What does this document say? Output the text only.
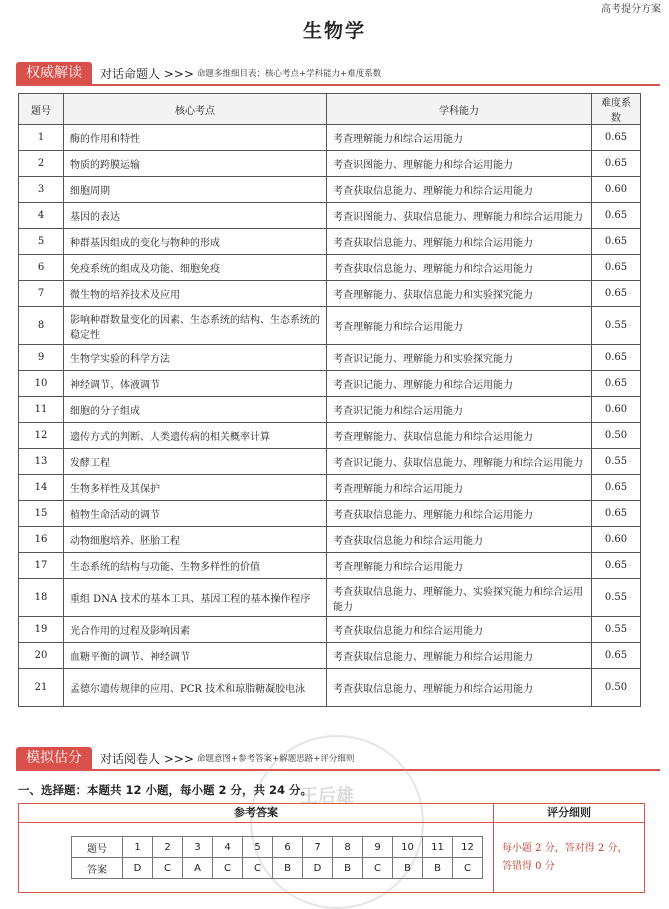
高考提分方案
生物学
权威解读	对话命题人 >>> 命题多维细目表：核心考点+学科能力+难度系数
题号	核心考点	学科能力	难度系数
1	酶的作用和特性	考查理解能力和综合运用能力	0.65
2	物质的跨膜运输	考查识图能力、理解能力和综合运用能力	0.65
3	细胞周期	考查获取信息能力、理解能力和综合运用能力	0.60
4	基因的表达	考查识图能力、获取信息能力、理解能力和综合运用能力	0.65
5	种群基因组成的变化与物种的形成	考查获取信息能力、理解能力和综合运用能力	0.65
6	免疫系统的组成及功能、细胞免疫	考查获取信息能力、理解能力和综合运用能力	0.65
7	微生物的培养技术及应用	考查理解能力、获取信息能力和实验探究能力	0.65
8	影响种群数量变化的因素、生态系统的结构、生态系统的稳定性	考查理解能力和综合运用能力	0.55
9	生物学实验的科学方法	考查识记能力、理解能力和实验探究能力	0.65
10	神经调节、体液调节	考查识记能力、理解能力和综合运用能力	0.65
11	细胞的分子组成	考查识记能力和综合运用能力	0.60
12	遗传方式的判断、人类遗传病的相关概率计算	考查理解能力、获取信息能力和综合运用能力	0.50
13	发酵工程	考查识记能力、获取信息能力、理解能力和综合运用能力	0.55
14	生物多样性及其保护	考查理解能力和综合运用能力	0.65
15	植物生命活动的调节	考查获取信息能力、理解能力和综合运用能力	0.65
16	动物细胞培养、胚胎工程	考查获取信息能力和综合运用能力	0.60
17	生态系统的结构与功能、生物多样性的价值	考查理解能力和综合运用能力	0.65
18	重组 DNA 技术的基本工具、基因工程的基本操作程序	考查获取信息能力、理解能力、实验探究能力和综合运用能力	0.55
19	光合作用的过程及影响因素	考查获取信息能力和综合运用能力	0.55
20	血糖平衡的调节、神经调节	考查获取信息能力、理解能力和综合运用能力	0.65
21	孟德尔遗传规律的应用、PCR 技术和琼脂糖凝胶电泳	考查获取信息能力、理解能力和综合运用能力	0.50
模拟估分	对话阅卷人 >>> 命题意图+参考答案+解题思路+评分细则
王后雄
一、选择题：本题共 12 小题，每小题 2 分，共 24 分。
参考答案
题号	1	2	3	4	5	6	7	8	9	10	11	12
答案	D	C	A	C	C	B	D	B	C	B	B	C
评分细则
每小题 2 分，答对得 2 分，
答错得 0 分
